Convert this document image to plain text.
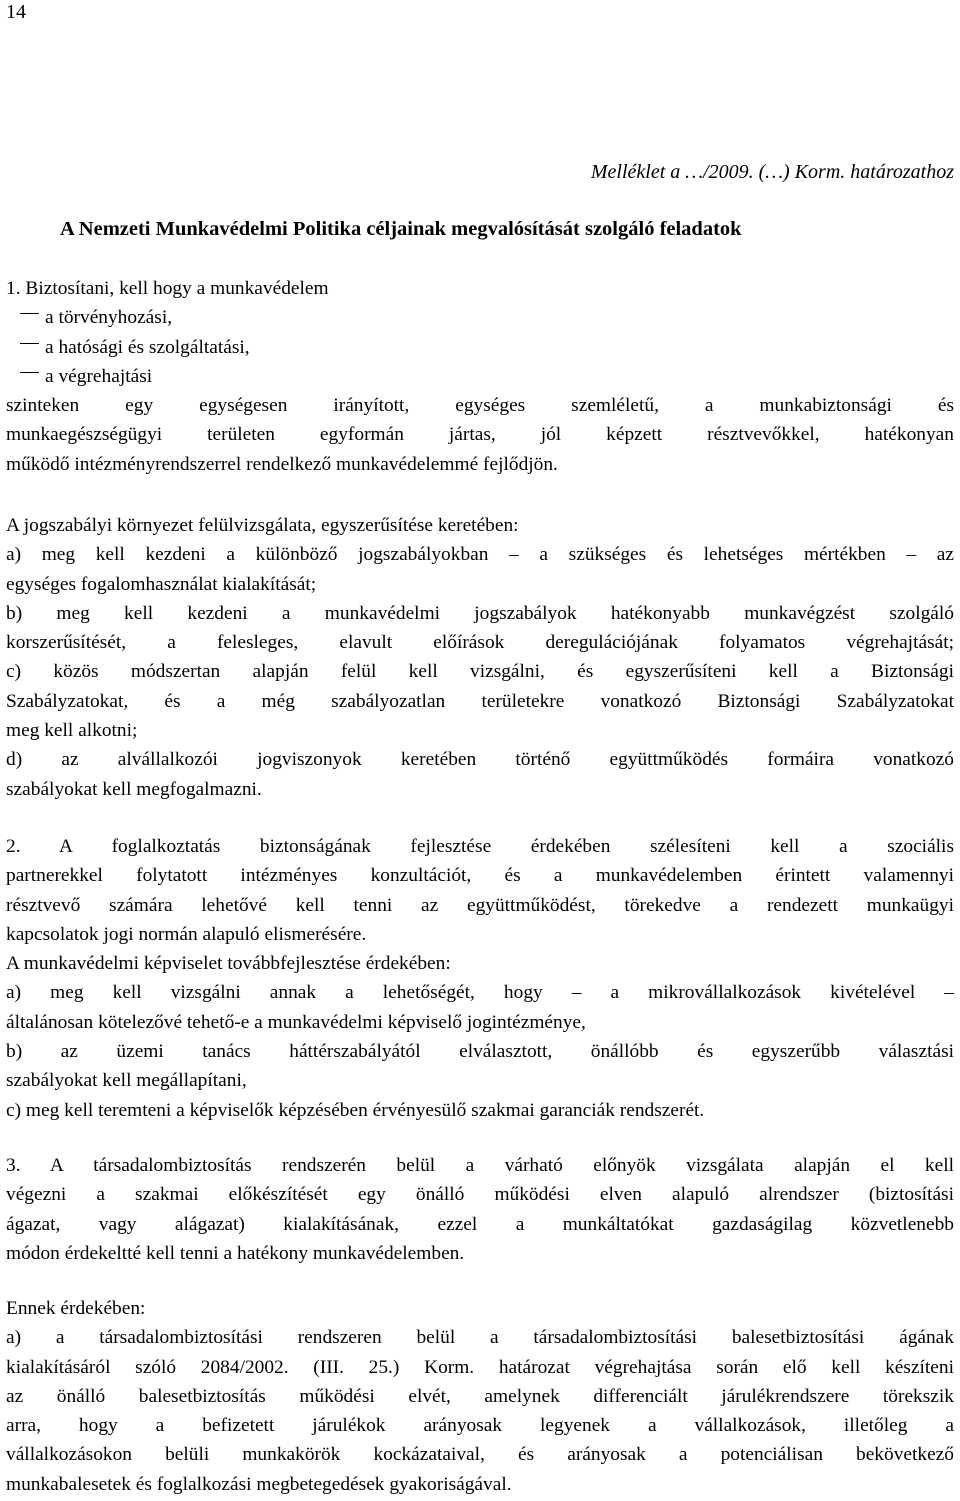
14
Melléklet a …/2009. (…) Korm. határozathoz
A Nemzeti Munkavédelmi Politika céljainak megvalósítását szolgáló feladatok
1. Biztosítani, kell hogy a munkavédelem
a törvényhozási,
a hatósági és szolgáltatási,
a végrehajtási
szinteken egy egységesen irányított, egységes szemléletű, a munkabiztonsági és
munkaegészségügyi területen egyformán jártas, jól képzett résztvevőkkel, hatékonyan
működő intézményrendszerrel rendelkező munkavédelemmé fejlődjön.
A jogszabályi környezet felülvizsgálata, egyszerűsítése keretében:
a) meg kell kezdeni a különböző jogszabályokban – a szükséges és lehetséges mértékben – az
egységes fogalomhasználat kialakítását;
b) meg kell kezdeni a munkavédelmi jogszabályok hatékonyabb munkavégzést szolgáló
korszerűsítését, a felesleges, elavult előírások deregulációjának folyamatos végrehajtását;
c) közös módszertan alapján felül kell vizsgálni, és egyszerűsíteni kell a Biztonsági
Szabályzatokat, és a még szabályozatlan területekre vonatkozó Biztonsági Szabályzatokat
meg kell alkotni;
d) az alvállalkozói jogviszonyok keretében történő együttműködés formáira vonatkozó
szabályokat kell megfogalmazni.
2. A foglalkoztatás biztonságának fejlesztése érdekében szélesíteni kell a szociális
partnerekkel folytatott intézményes konzultációt, és a munkavédelemben érintett valamennyi
résztvevő számára lehetővé kell tenni az együttműködést, törekedve a rendezett munkaügyi
kapcsolatok jogi normán alapuló elismerésére.
A munkavédelmi képviselet továbbfejlesztése érdekében:
a) meg kell vizsgálni annak a lehetőségét, hogy – a mikrovállalkozások kivételével –
általánosan kötelezővé tehető-e a munkavédelmi képviselő jogintézménye,
b) az üzemi tanács háttérszabályától elválasztott, önállóbb és egyszerűbb választási
szabályokat kell megállapítani,
c) meg kell teremteni a képviselők képzésében érvényesülő szakmai garanciák rendszerét.
3. A társadalombiztosítás rendszerén belül a várható előnyök vizsgálata alapján el kell
végezni a szakmai előkészítését egy önálló működési elven alapuló alrendszer (biztosítási
ágazat, vagy alágazat) kialakításának, ezzel a munkáltatókat gazdaságilag közvetlenebb
módon érdekeltté kell tenni a hatékony munkavédelemben.
Ennek érdekében:
a) a társadalombiztosítási rendszeren belül a társadalombiztosítási balesetbiztosítási ágának
kialakításáról szóló 2084/2002. (III. 25.) Korm. határozat végrehajtása során elő kell készíteni
az önálló balesetbiztosítás működési elvét, amelynek differenciált járulékrendszere törekszik
arra, hogy a befizetett járulékok arányosak legyenek a vállalkozások, illetőleg a
vállalkozásokon belüli munkakörök kockázataival, és arányosak a potenciálisan bekövetkező
munkabalesetek és foglalkozási megbetegedések gyakoriságával.
